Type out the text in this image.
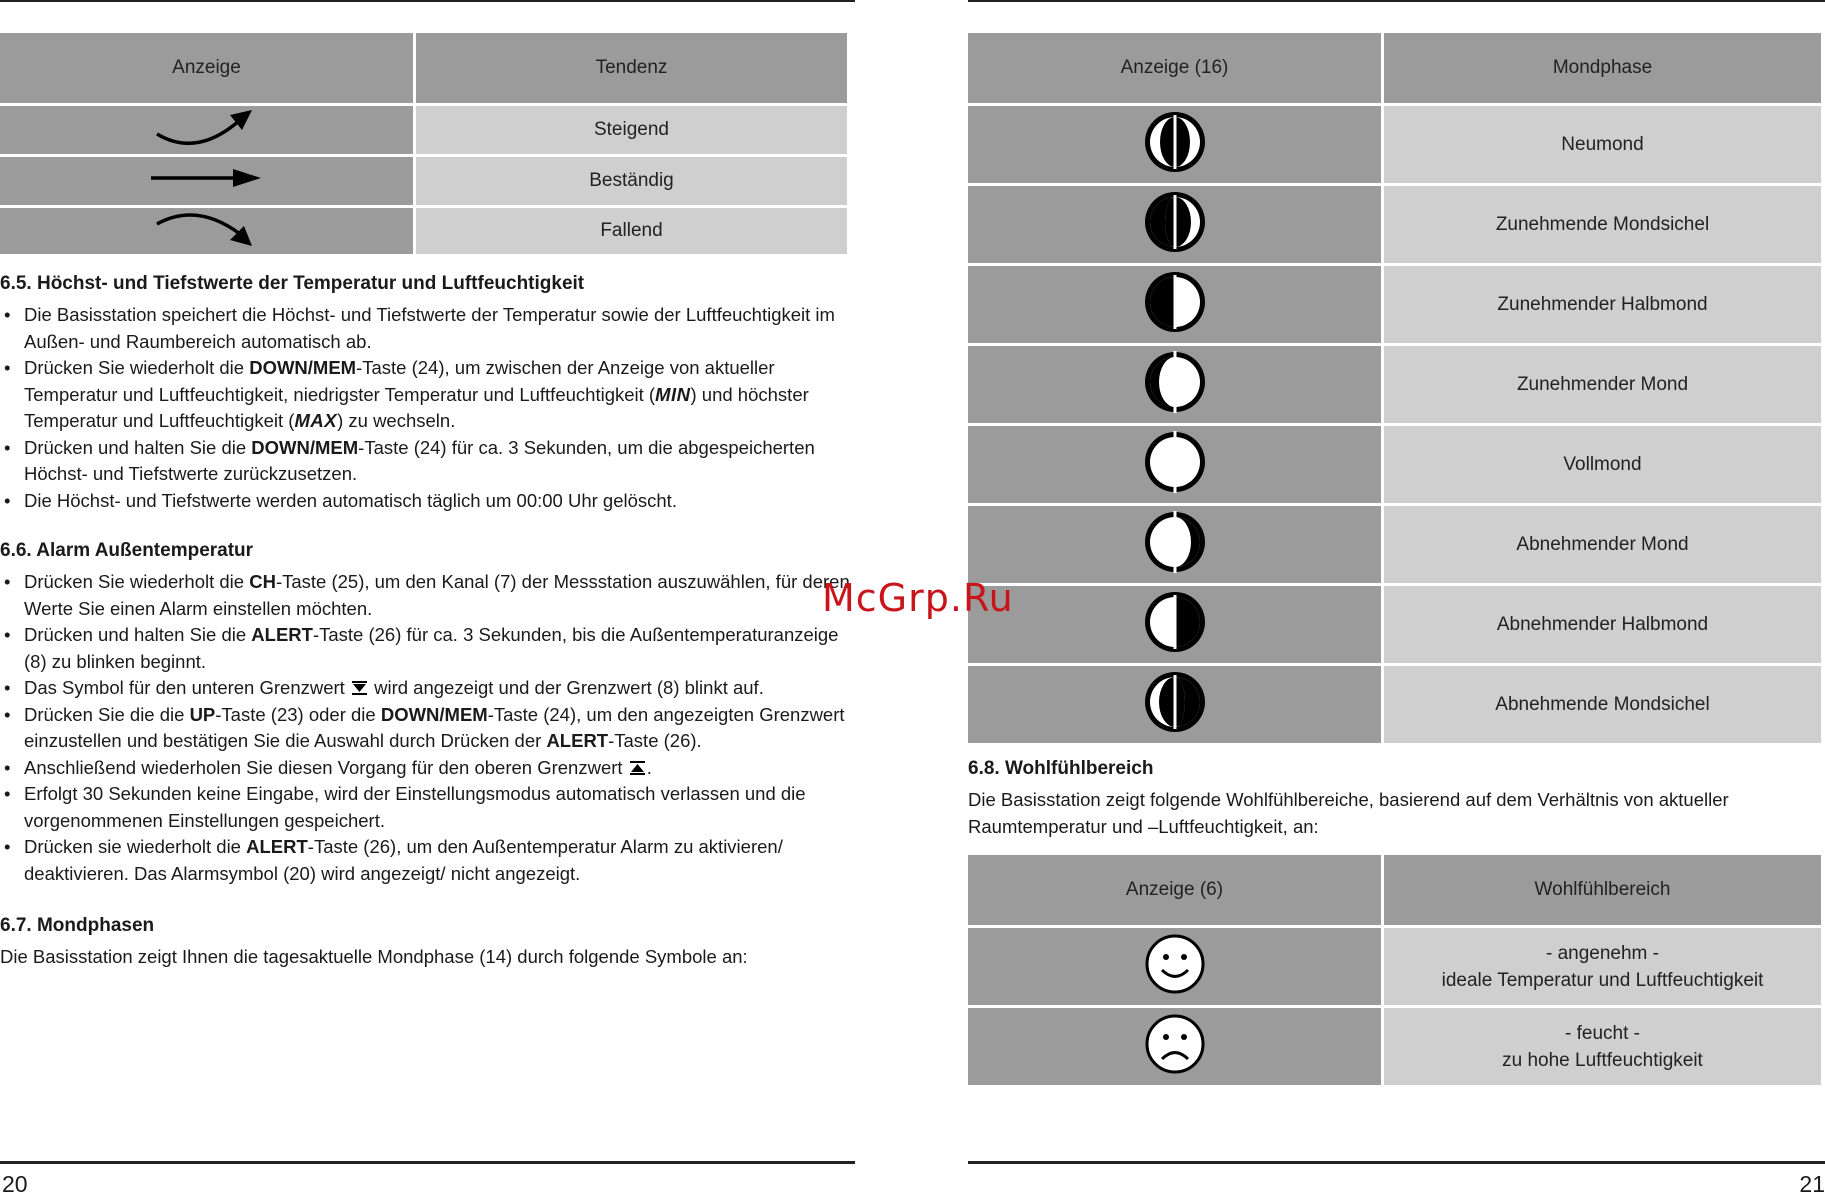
Anzeige	Tendenz
	Steigend
	Beständig
	Fallend
6.5. Höchst- und Tiefstwerte der Temperatur und Luftfeuchtigkeit
• Die Basisstation speichert die Höchst- und Tiefstwerte der Temperatur sowie der Luftfeuchtigkeit im Außen- und Raumbereich automatisch ab.
• Drücken Sie wiederholt die DOWN/MEM-Taste (24), um zwischen der Anzeige von aktueller Temperatur und Luftfeuchtigkeit, niedrigster Temperatur und Luftfeuchtigkeit (MIN) und höchster Temperatur und Luftfeuchtigkeit (MAX) zu wechseln.
• Drücken und halten Sie die DOWN/MEM-Taste (24) für ca. 3 Sekunden, um die abgespeicherten Höchst- und Tiefstwerte zurückzusetzen.
• Die Höchst- und Tiefstwerte werden automatisch täglich um 00:00 Uhr gelöscht.
6.6. Alarm Außentemperatur
• Drücken Sie wiederholt die CH-Taste (25), um den Kanal (7) der Messstation auszuwählen, für deren Werte Sie einen Alarm einstellen möchten.
• Drücken und halten Sie die ALERT-Taste (26) für ca. 3 Sekunden, bis die Außentemperaturanzeige (8) zu blinken beginnt.
• Das Symbol für den unteren Grenzwert  wird angezeigt und der Grenzwert (8) blinkt auf.
• Drücken Sie die die UP-Taste (23) oder die DOWN/MEM-Taste (24), um den angezeigten Grenzwert einzustellen und bestätigen Sie die Auswahl durch Drücken der ALERT-Taste (26).
• Anschließend wiederholen Sie diesen Vorgang für den oberen Grenzwert .
• Erfolgt 30 Sekunden keine Eingabe, wird der Einstellungsmodus automatisch verlassen und die vorgenommenen Einstellungen gespeichert.
• Drücken sie wiederholt die ALERT-Taste (26), um den Außentemperatur Alarm zu aktivieren/ deaktivieren. Das Alarmsymbol (20) wird angezeigt/ nicht angezeigt.
6.7. Mondphasen

Die Basisstation zeigt Ihnen die tagesaktuelle Mondphase (14) durch folgende Symbole an:

20
Anzeige (16)	Mondphase
	Neumond
	Zunehmende Mondsichel
	Zunehmender Halbmond
	Zunehmender Mond
	Vollmond
	Abnehmender Mond
	Abnehmender Halbmond
	Abnehmende Mondsichel
6.8. Wohlfühlbereich

Die Basisstation zeigt folgende Wohlfühlbereiche, basierend auf dem Verhältnis von aktueller Raumtemperatur und –Luftfeuchtigkeit, an:

Anzeige (6)	Wohlfühlbereich

- angenehm -
ideale Temperatur und Luftfeuchtigkeit

- feucht -
zu hohe Luftfeuchtigkeit
21
McGrp.Ru
